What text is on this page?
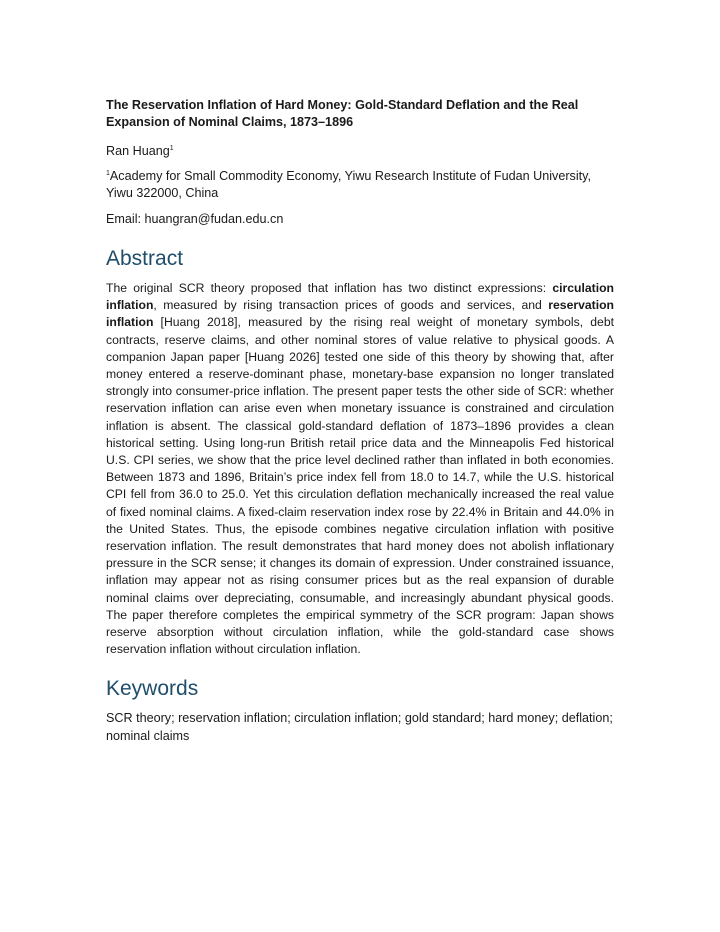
The Reservation Inflation of Hard Money: Gold-Standard Deflation and the Real Expansion of Nominal Claims, 1873–1896
Ran Huang$^1$
$^1$Academy for Small Commodity Economy, Yiwu Research Institute of Fudan University, Yiwu 322000, China
Email: huangran@fudan.edu.cn
Abstract

The original SCR theory proposed that inflation has two distinct expressions: circulation inflation, measured by rising transaction prices of goods and services, and reservation inflation [Huang 2018], measured by the rising real weight of monetary symbols, debt contracts, reserve claims, and other nominal stores of value relative to physical goods. A companion Japan paper [Huang 2026] tested one side of this theory by showing that, after money entered a reserve-dominant phase, monetary-base expansion no longer translated strongly into consumer-price inflation. The present paper tests the other side of SCR: whether reservation inflation can arise even when monetary issuance is constrained and circulation inflation is absent. The classical gold-standard deflation of 1873–1896 provides a clean historical setting. Using long-run British retail price data and the Minneapolis Fed historical U.S. CPI series, we show that the price level declined rather than inflated in both economies. Between 1873 and 1896, Britain’s price index fell from 18.0 to 14.7, while the U.S. historical CPI fell from 36.0 to 25.0. Yet this circulation deflation mechanically increased the real value of fixed nominal claims. A fixed-claim reservation index rose by 22.4% in Britain and 44.0% in the United States. Thus, the episode combines negative circulation inflation with positive reservation inflation. The result demonstrates that hard money does not abolish inflationary pressure in the SCR sense; it changes its domain of expression. Under constrained issuance, inflation may appear not as rising consumer prices but as the real expansion of durable nominal claims over depreciating, consumable, and increasingly abundant physical goods. The paper therefore completes the empirical symmetry of the SCR program: Japan shows reserve absorption without circulation inflation, while the gold-standard case shows reservation inflation without circulation inflation.

Keywords

SCR theory; reservation inflation; circulation inflation; gold standard; hard money; deflation; nominal claims
